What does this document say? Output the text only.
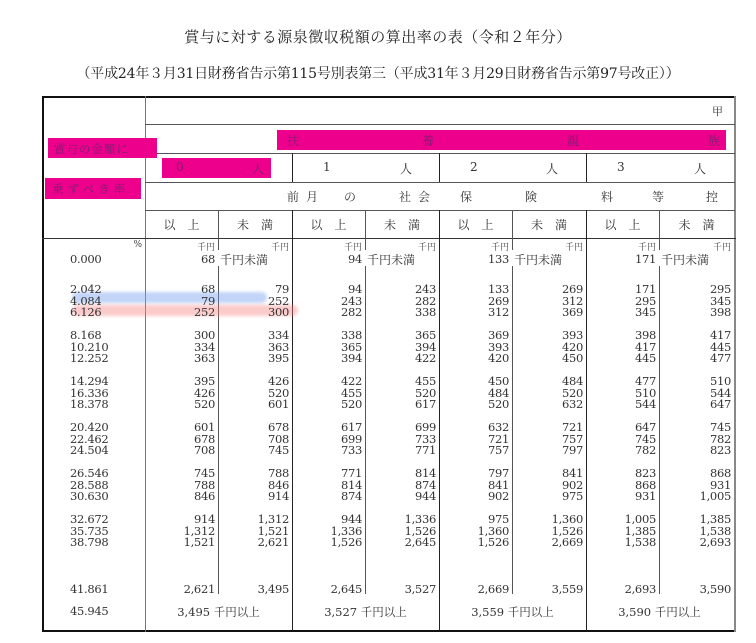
賞与に対する源泉徴収税額の算出率の表（令和２年分）
（平成24年３月31日財務省告示第115号別表第三（平成31年３月29日財務省告示第97号改正））
甲
扶	養	親	族
賞与の金額に
乗ずべき率
0	人	1	人	2	人	3	人
前 月 の	社 会 保	険	料	等	控
以　上	未　満	以　上	未　満	以　上	未　満	以　上	未　満
%	千円	千円	千円	千円	千円	千円	千円	千円
0.000	68 千円未満	94 千円未満	133 千円未満	171 千円未満
2.042	68	79	94	243	133	269	171	295
4.084	79	252	243	282	269	312	295	345
6.126	252	300	282	338	312	369	345	398
8.168	300	334	338	365	369	393	398	417
10.210	334	363	365	394	393	420	417	445
12.252	363	395	394	422	420	450	445	477
14.294	395	426	422	455	450	484	477	510
16.336	426	520	455	520	484	520	510	544
18.378	520	601	520	617	520	632	544	647
20.420	601	678	617	699	632	721	647	745
22.462	678	708	699	733	721	757	745	782
24.504	708	745	733	771	757	797	782	823
26.546	745	788	771	814	797	841	823	868
28.588	788	846	814	874	841	902	868	931
30.630	846	914	874	944	902	975	931	1,005
32.672	914	1,312	944	1,336	975	1,360	1,005	1,385
35.735	1,312	1,521	1,336	1,526	1,360	1,526	1,385	1,538
38.798	1,521	2,621	1,526	2,645	1,526	2,669	1,538	2,693
41.861	2,621	3,495	2,645	3,527	2,669	3,559	2,693	3,590
45.945	3,495 千円以上	3,527 千円以上	3,559 千円以上	3,590 千円以上
